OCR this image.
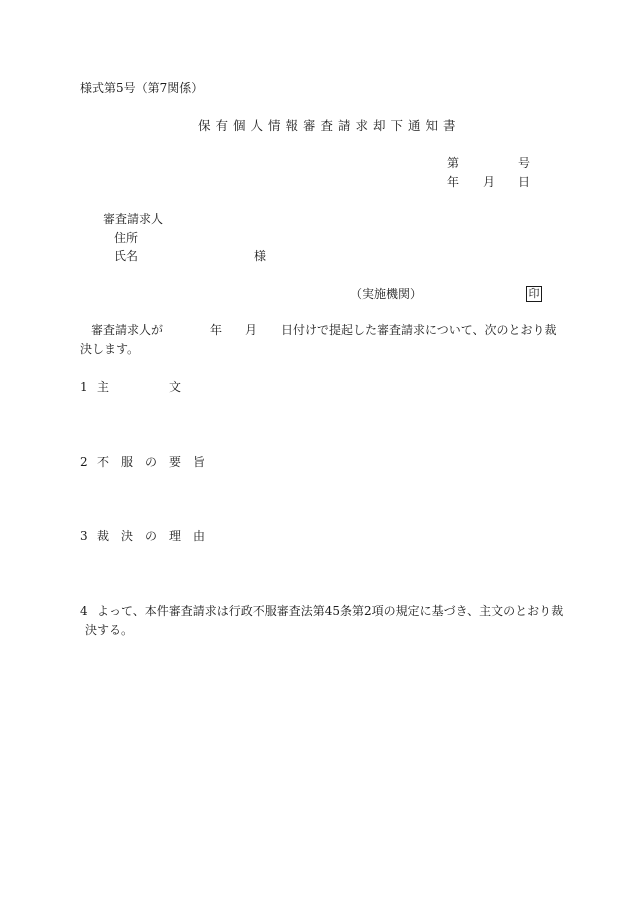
様式第5号（第7関係）
保有個人情報審査請求却下通知書
第	号
年 月 日
審査請求人
住所
氏名	様
（実施機関）	印
審査請求人が	年 月 日付けで提起した審査請求について、次のとおり裁
決します。
1 主　　　　　文
2 不　服　の　要　旨
3 裁　決　の　理　由
4 よって、本件審査請求は行政不服審査法第45条第2項の規定に基づき、主文のとおり裁
決する。
